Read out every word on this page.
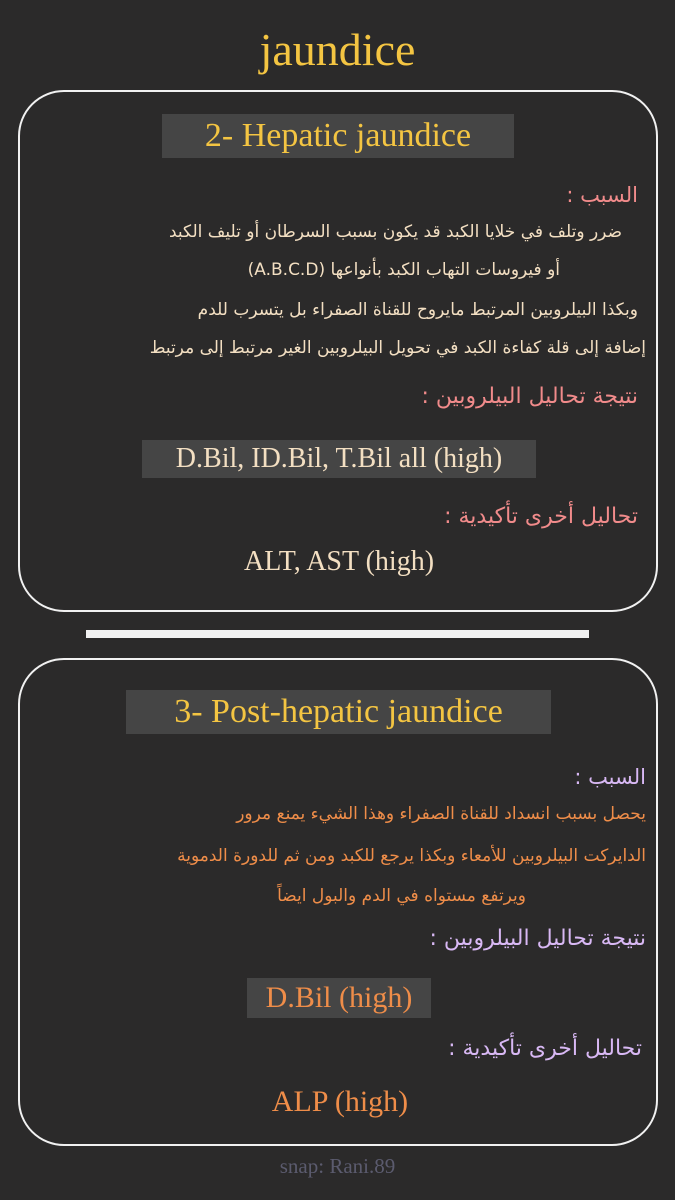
jaundice
2- Hepatic jaundice
السبب :
ضرر وتلف في خلايا الكبد قد يكون بسبب السرطان أو تليف الكبد
أو فيروسات التهاب الكبد بأنواعها (A.B.C.D)
وبكذا البيلروبين المرتبط مايروح للقناة الصفراء بل يتسرب للدم
إضافة إلى قلة كفاءة الكبد في تحويل البيلروبين الغير مرتبط إلى مرتبط
نتيجة تحاليل البيلروبين :
D.Bil, ID.Bil, T.Bil all (high)
تحاليل أخرى تأكيدية :
ALT, AST (high)
3- Post-hepatic jaundice
السبب :
يحصل بسبب انسداد للقناة الصفراء وهذا الشيء يمنع مرور
الدايركت البيلروبين للأمعاء وبكذا يرجع للكبد ومن ثم للدورة الدموية
ويرتفع مستواه في الدم والبول ايضاً
نتيجة تحاليل البيلروبين :
D.Bil (high)
تحاليل أخرى تأكيدية :
ALP (high)
snap: Rani.89
